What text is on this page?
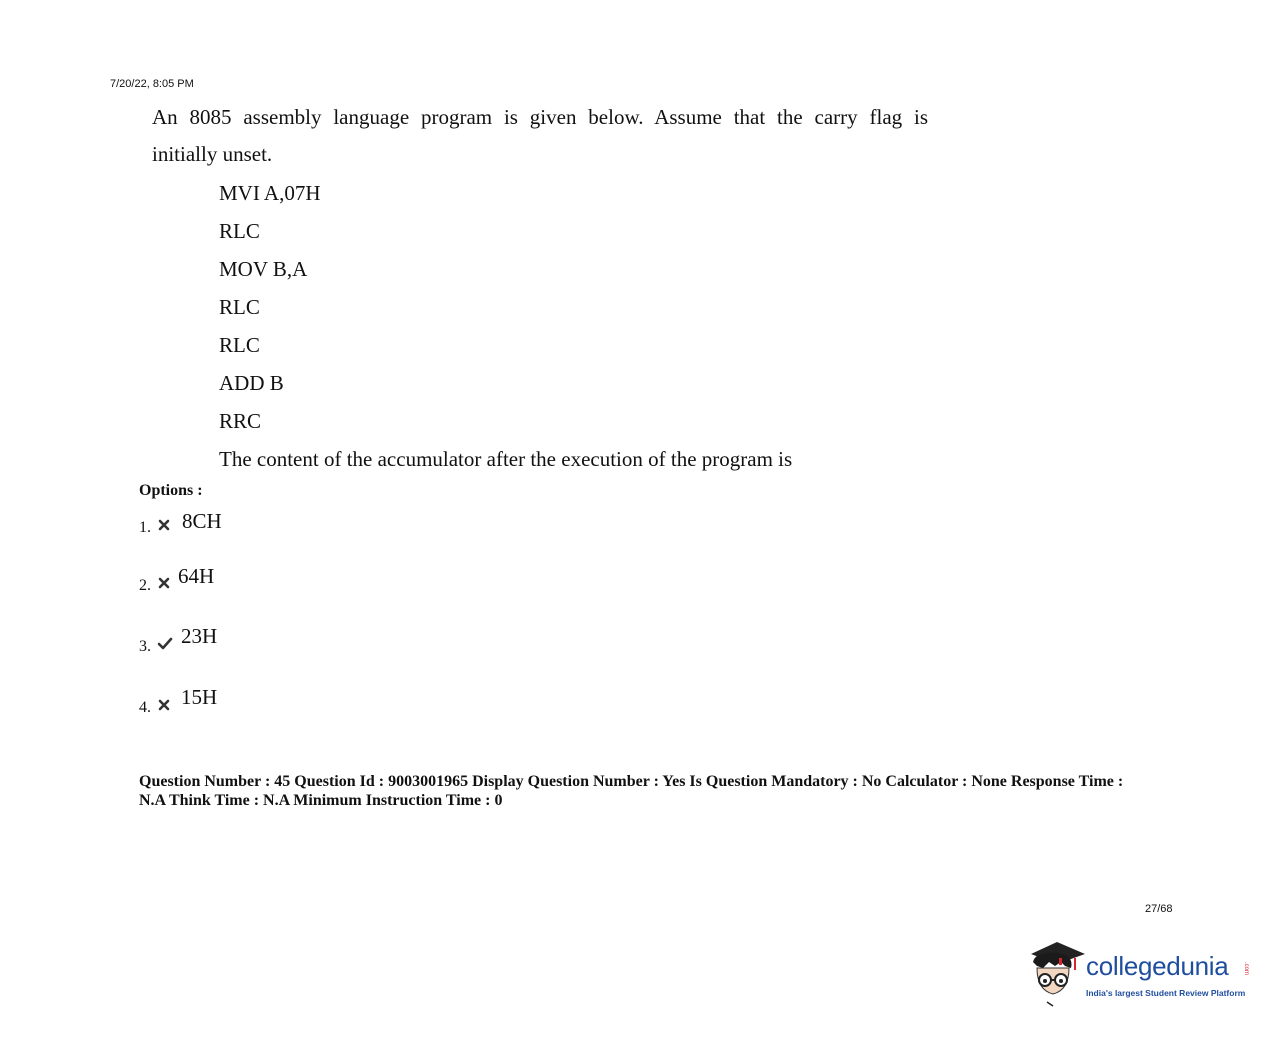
7/20/22, 8:05 PM
An 8085 assembly language program is given below. Assume that the carry flag is
initially unset.
MVI A,07H
RLC
MOV B,A
RLC
RLC
ADD B
RRC
The content of the accumulator after the execution of the program is
Options :
1. 8CH
2. 64H
3. 23H
4. 15H
Question Number : 45 Question Id : 9003001965 Display Question Number : Yes Is Question Mandatory : No Calculator : None Response Time : N.A Think Time : N.A Minimum Instruction Time : 0
27/68
collegedunia
India's largest Student Review Platform
.com
